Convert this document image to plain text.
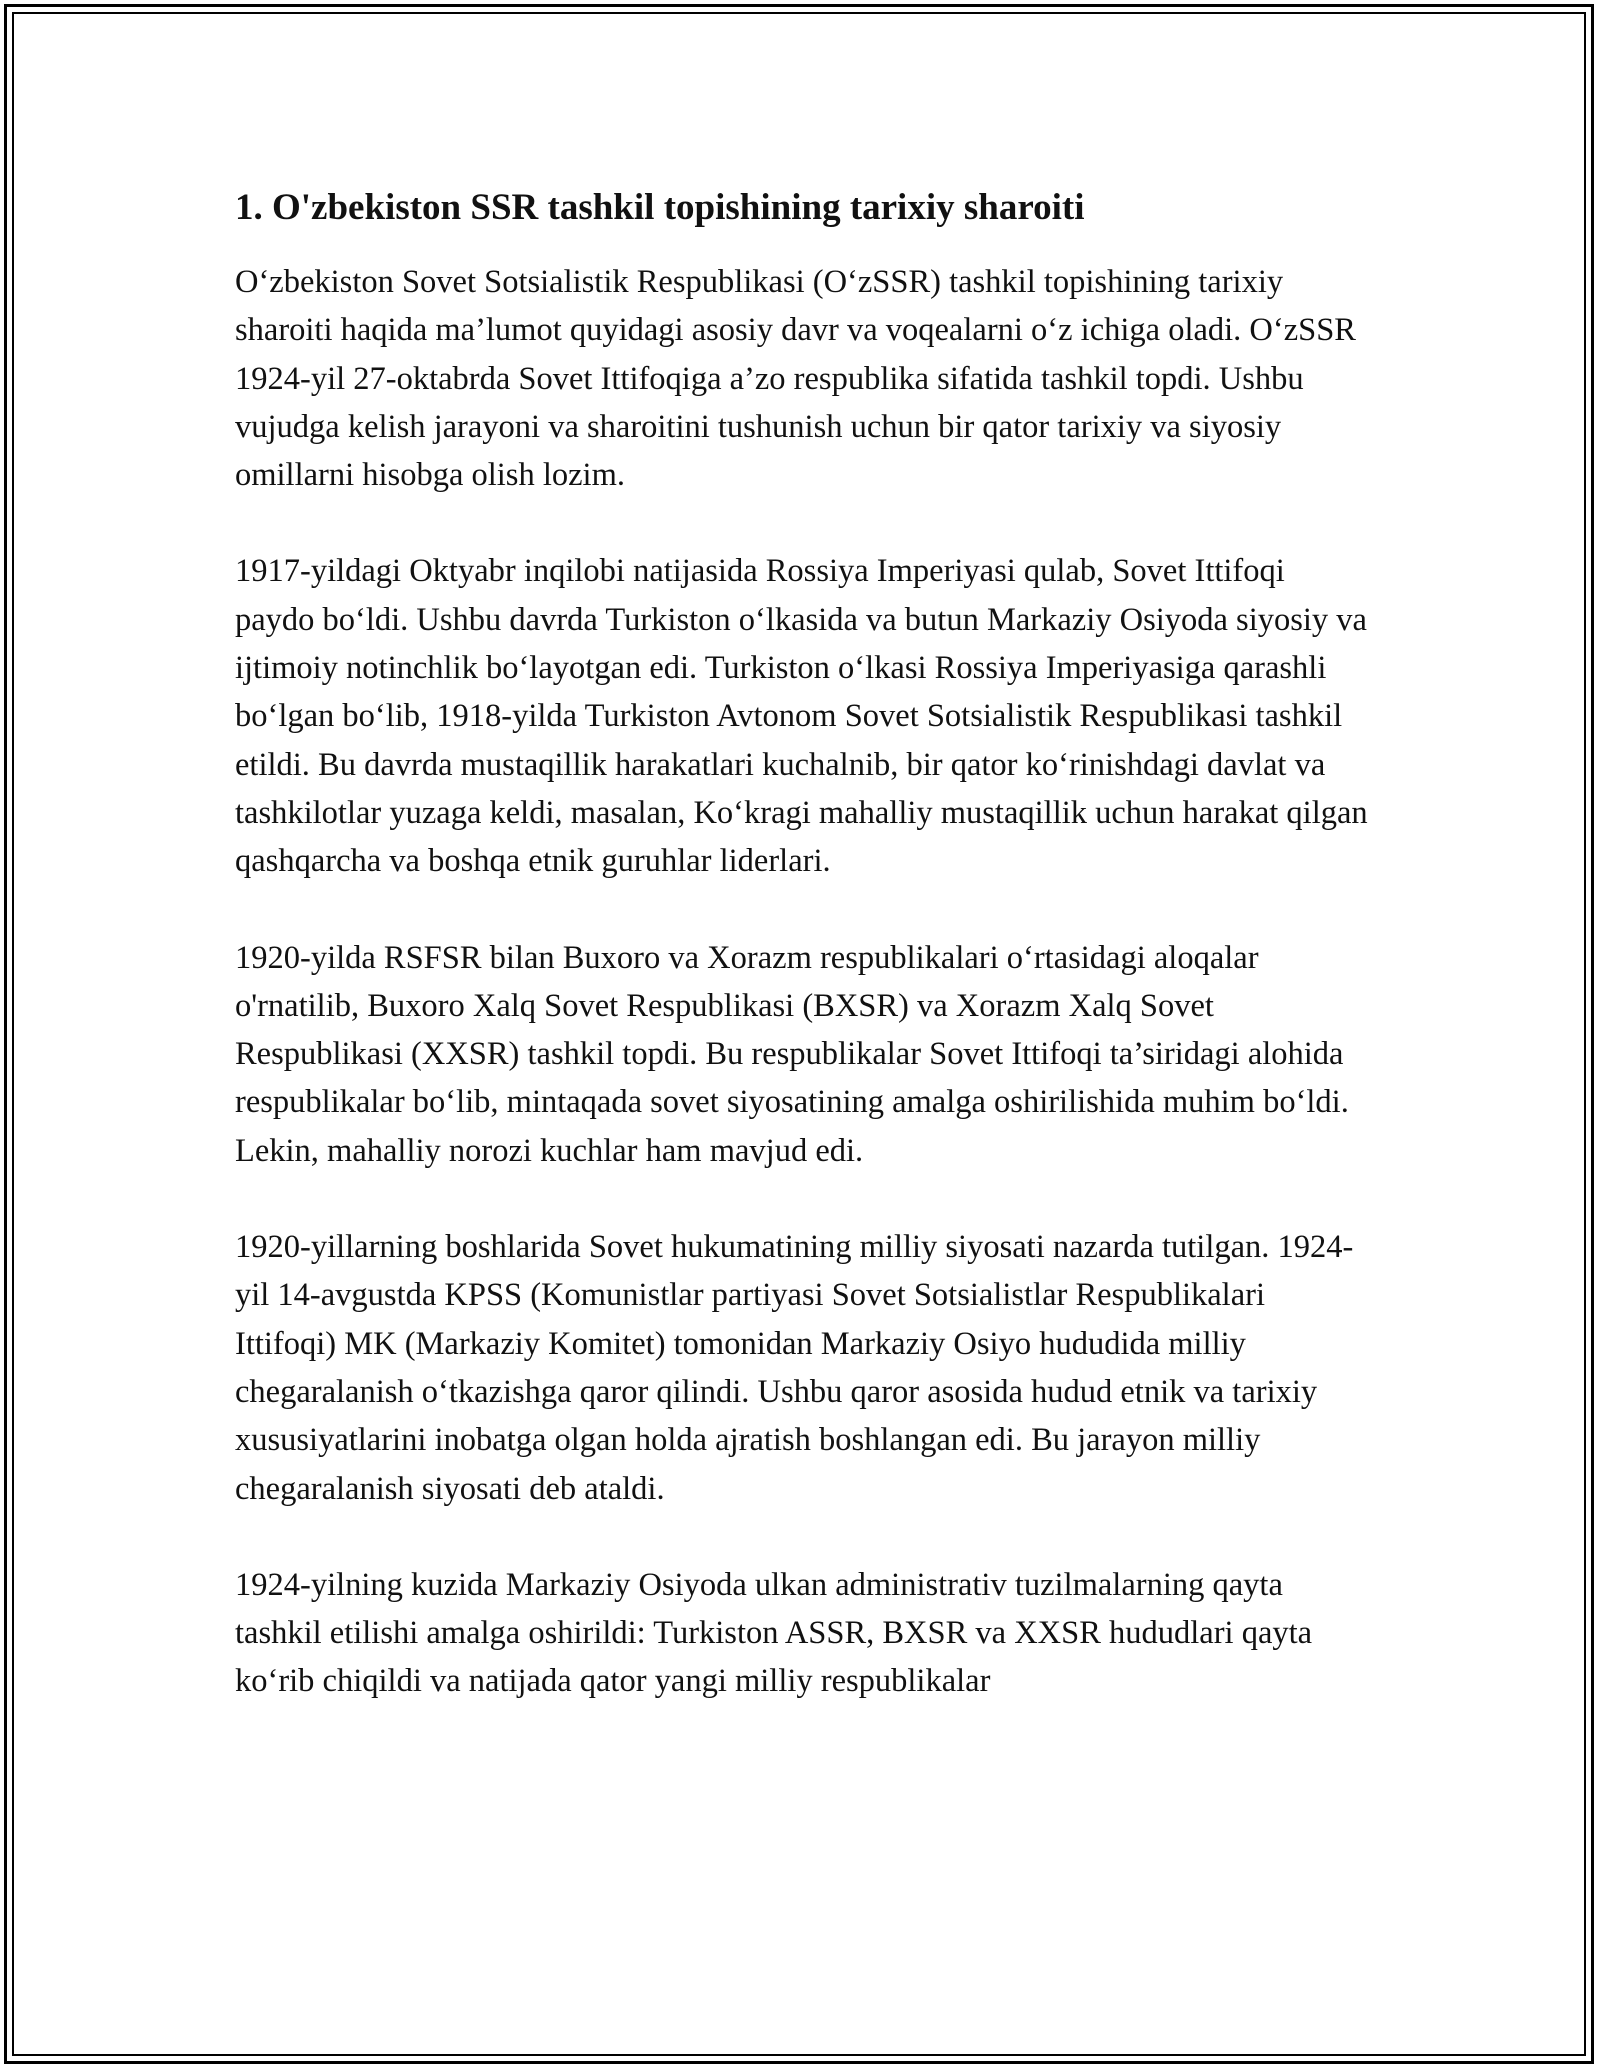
1. O'zbekiston SSR tashkil topishining tarixiy sharoiti

O‘zbekiston Sovet Sotsialistik Respublikasi (O‘zSSR) tashkil topishining tarixiy sharoiti haqida ma’lumot quyidagi asosiy davr va voqealarni o‘z ichiga oladi. O‘zSSR 1924-yil 27-oktabrda Sovet Ittifoqiga a’zo respublika sifatida tashkil topdi. Ushbu vujudga kelish jarayoni va sharoitini tushunish uchun bir qator tarixiy va siyosiy omillarni hisobga olish lozim.

1917-yildagi Oktyabr inqilobi natijasida Rossiya Imperiyasi qulab, Sovet Ittifoqi paydo bo‘ldi. Ushbu davrda Turkiston o‘lkasida va butun Markaziy Osiyoda siyosiy va ijtimoiy notinchlik bo‘layotgan edi. Turkiston o‘lkasi Rossiya Imperiyasiga qarashli bo‘lgan bo‘lib, 1918-yilda Turkiston Avtonom Sovet Sotsialistik Respublikasi tashkil etildi. Bu davrda mustaqillik harakatlari kuchalnib, bir qator ko‘rinishdagi davlat va tashkilotlar yuzaga keldi, masalan, Ko‘kragi mahalliy mustaqillik uchun harakat qilgan qashqarcha va boshqa etnik guruhlar liderlari.

1920-yilda RSFSR bilan Buxoro va Xorazm respublikalari o‘rtasidagi aloqalar o'rnatilib, Buxoro Xalq Sovet Respublikasi (BXSR) va Xorazm Xalq Sovet Respublikasi (XXSR) tashkil topdi. Bu respublikalar Sovet Ittifoqi ta’siridagi alohida respublikalar bo‘lib, mintaqada sovet siyosatining amalga oshirilishida muhim bo‘ldi. Lekin, mahalliy norozi kuchlar ham mavjud edi.

1920-yillarning boshlarida Sovet hukumatining milliy siyosati nazarda tutilgan. 1924-yil 14-avgustda KPSS (Komunistlar partiyasi Sovet Sotsialistlar Respublikalari Ittifoqi) MK (Markaziy Komitet) tomonidan Markaziy Osiyo hududida milliy chegaralanish o‘tkazishga qaror qilindi. Ushbu qaror asosida hudud etnik va tarixiy xususiyatlarini inobatga olgan holda ajratish boshlangan edi. Bu jarayon milliy chegaralanish siyosati deb ataldi.

1924-yilning kuzida Markaziy Osiyoda ulkan administrativ tuzilmalarning qayta tashkil etilishi amalga oshirildi: Turkiston ASSR, BXSR va XXSR hududlari qayta ko‘rib chiqildi va natijada qator yangi milliy respublikalar
